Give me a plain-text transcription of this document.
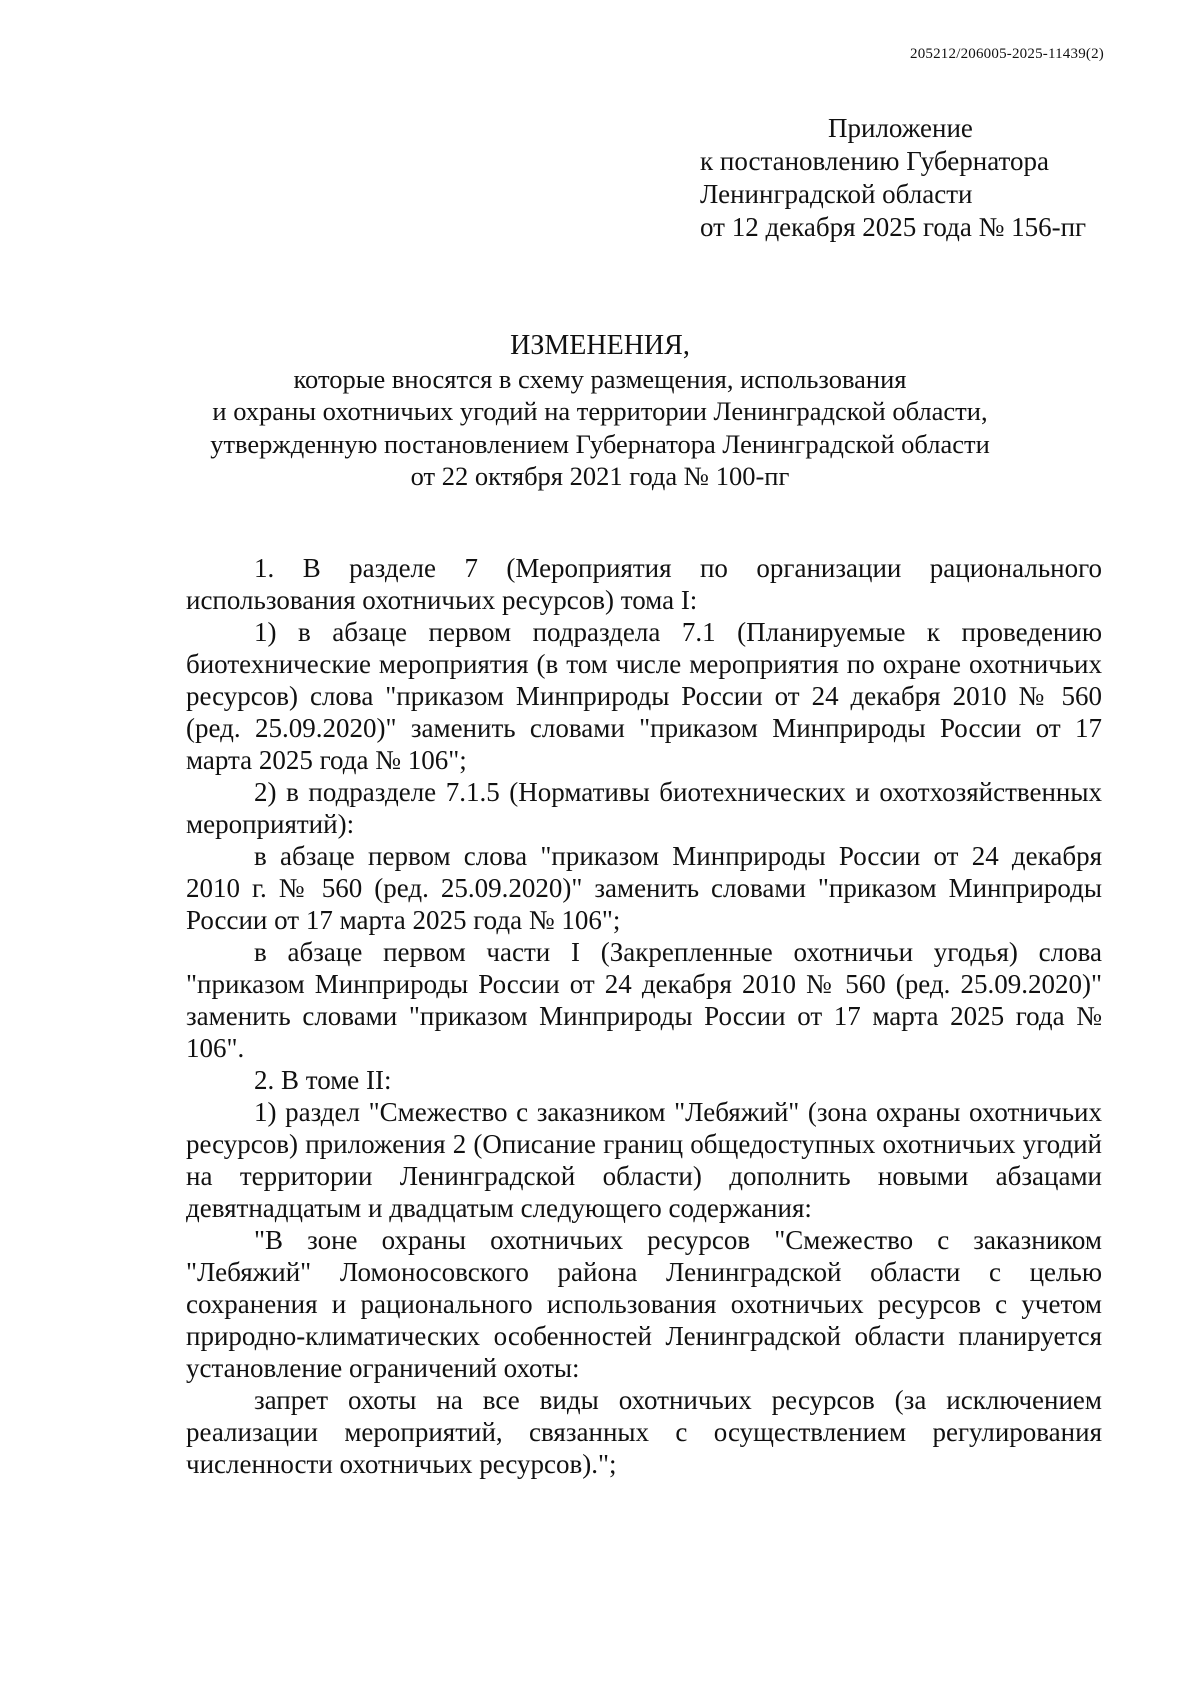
205212/206005-2025-11439(2)
Приложение
к постановлению Губернатора
Ленинградской области
от 12 декабря 2025 года № 156-пг
ИЗМЕНЕНИЯ,
которые вносятся в схему размещения, использования
и охраны охотничьих угодий на территории Ленинградской области,
утвержденную постановлением Губернатора Ленинградской области
от 22 октября 2021 года № 100-пг

1. В разделе 7 (Мероприятия по организации рационального использования охотничьих ресурсов) тома I:

1) в абзаце первом подраздела 7.1 (Планируемые к проведению биотехнические мероприятия (в том числе мероприятия по охране охотничьих ресурсов) слова "приказом Минприроды России от 24 декабря 2010 № 560 (ред. 25.09.2020)" заменить словами "приказом Минприроды России от 17 марта 2025 года № 106";

2) в подразделе 7.1.5 (Нормативы биотехнических и охотхозяйственных мероприятий):

в абзаце первом слова "приказом Минприроды России от 24 декабря 2010 г. № 560 (ред. 25.09.2020)" заменить словами "приказом Минприроды России от 17 марта 2025 года № 106";

в абзаце первом части I (Закрепленные охотничьи угодья) слова "приказом Минприроды России от 24 декабря 2010 № 560 (ред. 25.09.2020)" заменить словами "приказом Минприроды России от 17 марта 2025 года № 106".

2. В томе II:

1) раздел "Смежество с заказником "Лебяжий" (зона охраны охотничьих ресурсов) приложения 2 (Описание границ общедоступных охотничьих угодий на территории Ленинградской области) дополнить новыми абзацами девятнадцатым и двадцатым следующего содержания:

"В зоне охраны охотничьих ресурсов "Смежество с заказником "Лебяжий" Ломоносовского района Ленинградской области с целью сохранения и рационального использования охотничьих ресурсов с учетом природно-климатических особенностей Ленинградской области планируется установление ограничений охоты:

запрет охоты на все виды охотничьих ресурсов (за исключением реализации мероприятий, связанных с осуществлением регулирования численности охотничьих ресурсов).";
